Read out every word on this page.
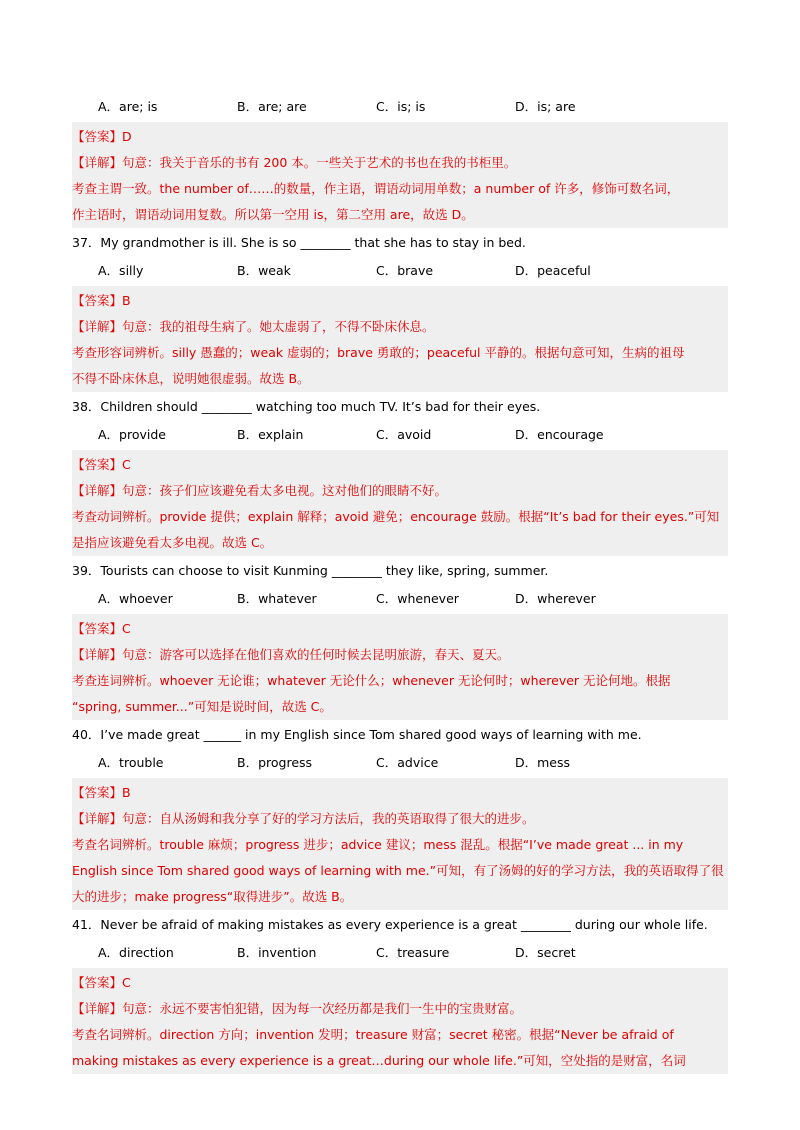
A．are; is	B．are; are	C．is; is	D．is; are
【答案】D
【详解】句意：我关于音乐的书有 200 本。一些关于艺术的书也在我的书柜里。
考查主谓一致。the number of……的数量，作主语，谓语动词用单数；a number of 许多，修饰可数名词，
作主语时，谓语动词用复数。所以第一空用 is，第二空用 are，故选 D。
37．My grandmother is ill. She is so ________ that she has to stay in bed.
A．silly	B．weak	C．brave	D．peaceful
【答案】B
【详解】句意：我的祖母生病了。她太虚弱了，不得不卧床休息。
考查形容词辨析。silly 愚蠢的；weak 虚弱的；brave 勇敢的；peaceful 平静的。根据句意可知，生病的祖母
不得不卧床休息，说明她很虚弱。故选 B。
38．Children should ________ watching too much TV. It’s bad for their eyes.
A．provide	B．explain	C．avoid	D．encourage
【答案】C
【详解】句意：孩子们应该避免看太多电视。这对他们的眼睛不好。
考查动词辨析。provide 提供；explain 解释；avoid 避免；encourage 鼓励。根据“It’s bad for their eyes.”可知
是指应该避免看太多电视。故选 C。
39．Tourists can choose to visit Kunming ________ they like, spring, summer.
A．whoever	B．whatever	C．whenever	D．wherever
【答案】C
【详解】句意：游客可以选择在他们喜欢的任何时候去昆明旅游，春天、夏天。
考查连词辨析。whoever 无论谁；whatever 无论什么；whenever 无论何时；wherever 无论何地。根据
“spring, summer...”可知是说时间，故选 C。
40．I’ve made great ______ in my English since Tom shared good ways of learning with me.
A．trouble	B．progress	C．advice	D．mess
【答案】B
【详解】句意：自从汤姆和我分享了好的学习方法后，我的英语取得了很大的进步。
考查名词辨析。trouble 麻烦；progress 进步；advice 建议；mess 混乱。根据“I’ve made great ... in my
English since Tom shared good ways of learning with me.”可知，有了汤姆的好的学习方法，我的英语取得了很
大的进步；make progress“取得进步”。故选 B。
41．Never be afraid of making mistakes as every experience is a great ________ during our whole life.
A．direction	B．invention	C．treasure	D．secret
【答案】C
【详解】句意：永远不要害怕犯错，因为每一次经历都是我们一生中的宝贵财富。
考查名词辨析。direction 方向；invention 发明；treasure 财富；secret 秘密。根据“Never be afraid of
making mistakes as every experience is a great…during our whole life.”可知，空处指的是财富，名词
